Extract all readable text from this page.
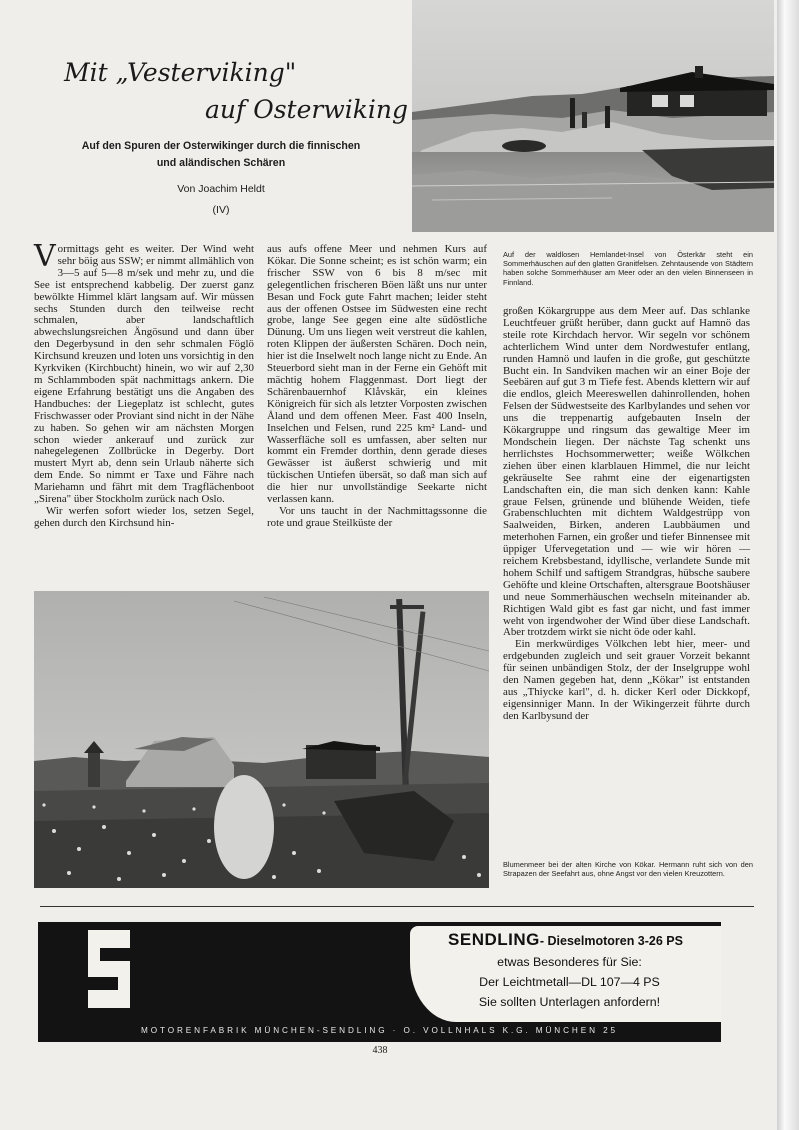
Mit „Vesterviking"
auf Osterwiking
Auf den Spuren der Osterwikinger durch die finnischen
und aländischen Schären
Von Joachim Heldt
(IV)
Auf der waldlosen Hemlandet-Insel von Österkär steht ein Sommerhäuschen auf den glatten Granitfelsen. Zehntausende von Städtern haben solche Sommerhäuser am Meer oder an den vielen Binnenseen in Finnland.

Vormittags geht es weiter. Der Wind weht sehr böig aus SSW; er nimmt allmählich von 3—5 auf 5—8 m/sek und mehr zu, und die See ist entsprechend kabbelig. Der zuerst ganz bewölkte Himmel klärt langsam auf. Wir müssen sechs Stunden durch den teilweise recht schmalen, aber landschaftlich abwechslungsreichen Ängösund und dann über den Degerbysund in den sehr schmalen Föglö Kirchsund kreuzen und loten uns vorsichtig in den Kyrkviken (Kirchbucht) hinein, wo wir auf 2,30 m Schlammboden spät nachmittags ankern. Die eigene Erfahrung bestätigt uns die Angaben des Handbuches: der Liegeplatz ist schlecht, gutes Frischwasser oder Proviant sind nicht in der Nähe zu haben. So gehen wir am nächsten Morgen schon wieder ankerauf und zurück zur nahegelegenen Zollbrücke in Degerby. Dort mustert Myrt ab, denn sein Urlaub näherte sich dem Ende. So nimmt er Taxe und Fähre nach Mariehamn und fährt mit dem Tragflächenboot „Sirena" über Stockholm zurück nach Oslo.

Wir werfen sofort wieder los, setzen Segel, gehen durch den Kirchsund hin-

aus aufs offene Meer und nehmen Kurs auf Kökar. Die Sonne scheint; es ist schön warm; ein frischer SSW von 6 bis 8 m/sec mit gelegentlichen frischeren Böen läßt uns nur unter Besan und Fock gute Fahrt machen; leider steht aus der offenen Ostsee im Südwesten eine recht grobe, lange See gegen eine alte südöstliche Dünung. Um uns liegen weit verstreut die kahlen, roten Klippen der äußersten Schären. Doch nein, hier ist die Inselwelt noch lange nicht zu Ende. An Steuerbord sieht man in der Ferne ein Gehöft mit mächtig hohem Flaggenmast. Dort liegt der Schärenbauernhof Klåvskär, ein kleines Königreich für sich als letzter Vorposten zwischen Åland und dem offenen Meer. Fast 400 Inseln, Inselchen und Felsen, rund 225 km² Land- und Wasserfläche soll es umfassen, aber selten nur kommt ein Fremder dorthin, denn gerade dieses Gewässer ist äußerst schwierig und mit tückischen Untiefen übersät, so daß man sich auf die hier nur unvollständige Seekarte nicht verlassen kann.

Vor uns taucht in der Nachmittagssonne die rote und graue Steilküste der

großen Kökargruppe aus dem Meer auf. Das schlanke Leuchtfeuer grüßt herüber, dann guckt auf Hamnö das steile rote Kirchdach hervor. Wir segeln vor schönem achterlichem Wind unter dem Nordwestufer entlang, runden Hamnö und laufen in die große, gut geschützte Bucht ein. In Sandviken machen wir an einer Boje der Seebären auf gut 3 m Tiefe fest. Abends klettern wir auf die endlos, gleich Meereswellen dahinrollenden, hohen Felsen der Südwestseite des Karlbylandes und sehen vor uns die treppenartig aufgebauten Inseln der Kökargruppe und ringsum das gewaltige Meer im Mondschein liegen. Der nächste Tag schenkt uns herrlichstes Hochsommerwetter; weiße Wölkchen ziehen über einen klarblauen Himmel, die nur leicht gekräuselte See rahmt eine der eigenartigsten Landschaften ein, die man sich denken kann: Kahle graue Felsen, grünende und blühende Weiden, tiefe Grabenschluchten mit dichtem Waldgestrüpp von Saalweiden, Birken, anderen Laubbäumen und meterhohen Farnen, ein großer und tiefer Binnensee mit üppiger Ufervegetation und — wie wir hören — reichem Krebsbestand, idyllische, verlandete Sunde mit hohem Schilf und saftigem Strandgras, hübsche saubere Gehöfte und kleine Ortschaften, altersgraue Bootshäuser und neue Sommerhäuschen wechseln miteinander ab. Richtigen Wald gibt es fast gar nicht, und fast immer weht von irgendwoher der Wind über diese Landschaft. Aber trotzdem wirkt sie nicht öde oder kahl.

Ein merkwürdiges Völkchen lebt hier, meer- und erdgebunden zugleich und seit grauer Vorzeit bekannt für seinen unbändigen Stolz, der der Inselgruppe wohl den Namen gegeben hat, denn „Kökar" ist entstanden aus „Thiycke karl", d. h. dicker Kerl oder Dickkopf, eigensinniger Mann. In der Wikingerzeit führte durch den Karlbysund der

Blumenmeer bei der alten Kirche von Kökar. Hermann ruht sich von den Strapazen der Seefahrt aus, ohne Angst vor den vielen Kreuzottern.
SENDLING- Dieselmotoren 3-26 PS
etwas Besonderes für Sie:
Der Leichtmetall—DL 107—4 PS
Sie sollten Unterlagen anfordern!
MOTORENFABRIK MÜNCHEN-SENDLING · O. VOLLNHALS K.G. MÜNCHEN 25
438
